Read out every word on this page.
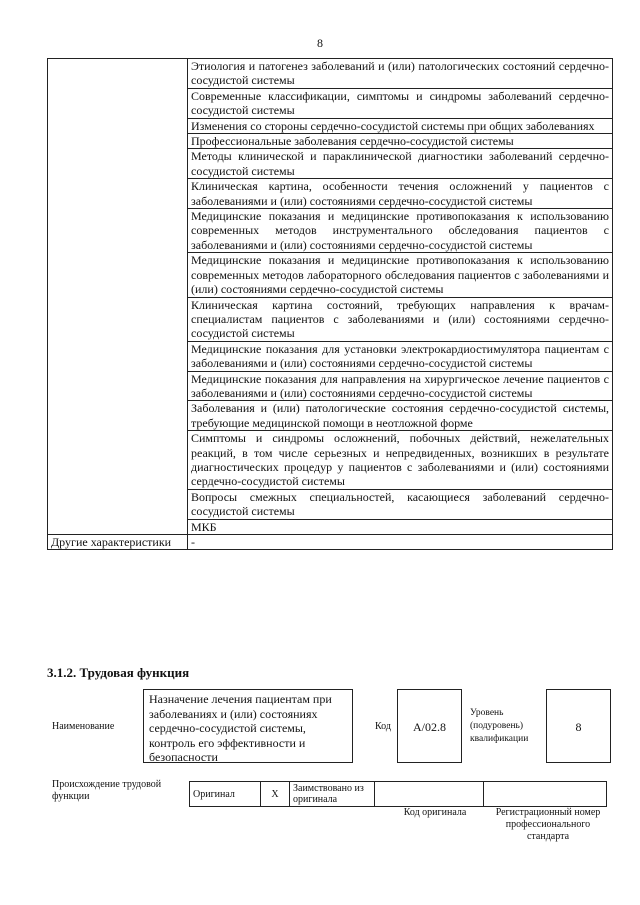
8
	Этиология и патогенез заболеваний и (или) патологических состояний сердечно-сосудистой системы
	Современные классификации, симптомы и синдромы заболеваний сердечно-сосудистой системы
	Изменения со стороны сердечно-сосудистой системы при общих заболеваниях
	Профессиональные заболевания сердечно-сосудистой системы
	Методы клинической и параклинической диагностики заболеваний сердечно-сосудистой системы
	Клиническая картина, особенности течения осложнений у пациентов с заболеваниями и (или) состояниями сердечно-сосудистой системы
	Медицинские показания и медицинские противопоказания к использованию современных методов инструментального обследования пациентов с заболеваниями и (или) состояниями сердечно-сосудистой системы
	Медицинские показания и медицинские противопоказания к использованию современных методов лабораторного обследования пациентов с заболеваниями и (или) состояниями сердечно-сосудистой системы
	Клиническая картина состояний, требующих направления к врачам-специалистам пациентов с заболеваниями и (или) состояниями сердечно-сосудистой системы
	Медицинские показания для установки электрокардиостимулятора пациентам с заболеваниями и (или) состояниями сердечно-сосудистой системы
	Медицинские показания для направления на хирургическое лечение пациентов с заболеваниями и (или) состояниями сердечно-сосудистой системы
	Заболевания и (или) патологические состояния сердечно-сосудистой системы, требующие медицинской помощи в неотложной форме
	Симптомы и синдромы осложнений, побочных действий, нежелательных реакций, в том числе серьезных и непредвиденных, возникших в результате диагностических процедур у пациентов с заболеваниями и (или) состояниями сердечно-сосудистой системы
	Вопросы смежных специальностей, касающиеся заболеваний сердечно-сосудистой системы
	МКБ
Другие характеристики	-
3.1.2. Трудовая функция
Наименование
Назначение лечения пациентам при заболеваниях и (или) состояниях сердечно-сосудистой системы, контроль его эффективности и безопасности
Код	A/02.8
Уровень (подуровень) квалификации
8
Происхождение трудовой функции	Оригинал	X	Заимствовано из оригинала		
Код оригинала	Регистрационный номер профессионального стандарта
